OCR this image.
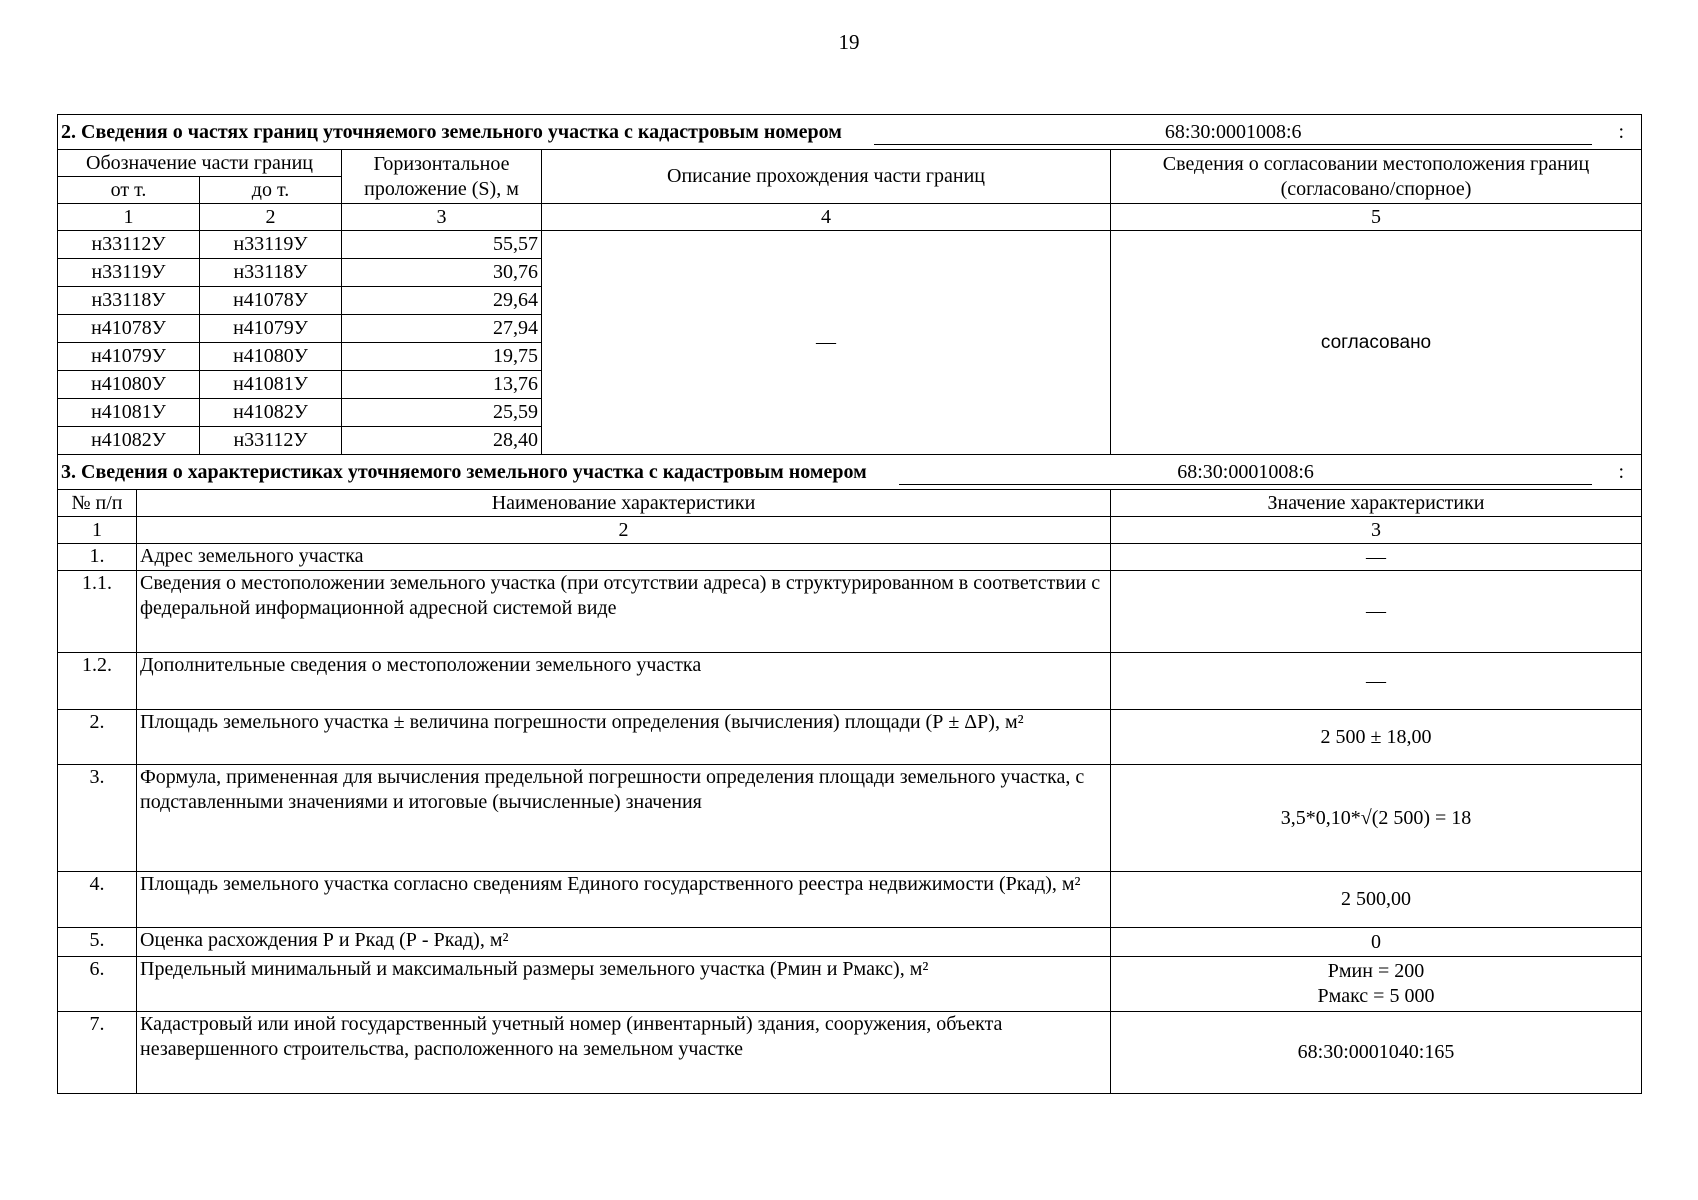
19
2. Сведения о частях границ уточняемого земельного участка с кадастровым номером 68:30:0001008:6 :					

Обозначение части границ			Горизонтальное проложение (S), м	Описание прохождения части границ	Сведения о согласовании местоположения границ (согласовано/спорное)
от т.		до т.			
1		2	3	4	5
н33112У		н33119У	55,57	—	согласовано
н33119У		н33118У	30,76		
н33118У		н41078У	29,64		
н41078У		н41079У	27,94		
н41079У		н41080У	19,75		
н41080У		н41081У	13,76		
н41081У		н41082У	25,59		
н41082У		н33112У	28,40		

3. Сведения о характеристиках уточняемого земельного участка с кадастровым номером 68:30:0001008:6 :					

№ п/п	Наименование характеристики				Значение характеристики
1	2				3
1.	Адрес земельного участка				—
1.1.	Сведения о местоположении земельного участка (при отсутствии адреса) в структурированном в соответствии с федеральной информационной адресной системой виде				—
1.2.	Дополнительные сведения о местоположении земельного участка				—
2.	Площадь земельного участка ± величина погрешности определения (вычисления) площади (Р ± ΔР), м²				2 500 ± 18,00
3.	Формула, примененная для вычисления предельной погрешности определения площади земельного участка, с подставленными значениями и итоговые (вычисленные) значения				3,5*0,10*√(2 500) = 18
4.	Площадь земельного участка согласно сведениям Единого государственного реестра недвижимости (Ркад), м²				2 500,00
5.	Оценка расхождения Р и Ркад (Р - Ркад), м²				0
6.	Предельный минимальный и максимальный размеры земельного участка (Рмин и Рмакс), м²				Рмин = 200
Рмакс = 5 000

7.	Кадастровый или иной государственный учетный номер (инвентарный) здания, сооружения, объекта незавершенного строительства, расположенного на земельном участке				68:30:0001040:165
